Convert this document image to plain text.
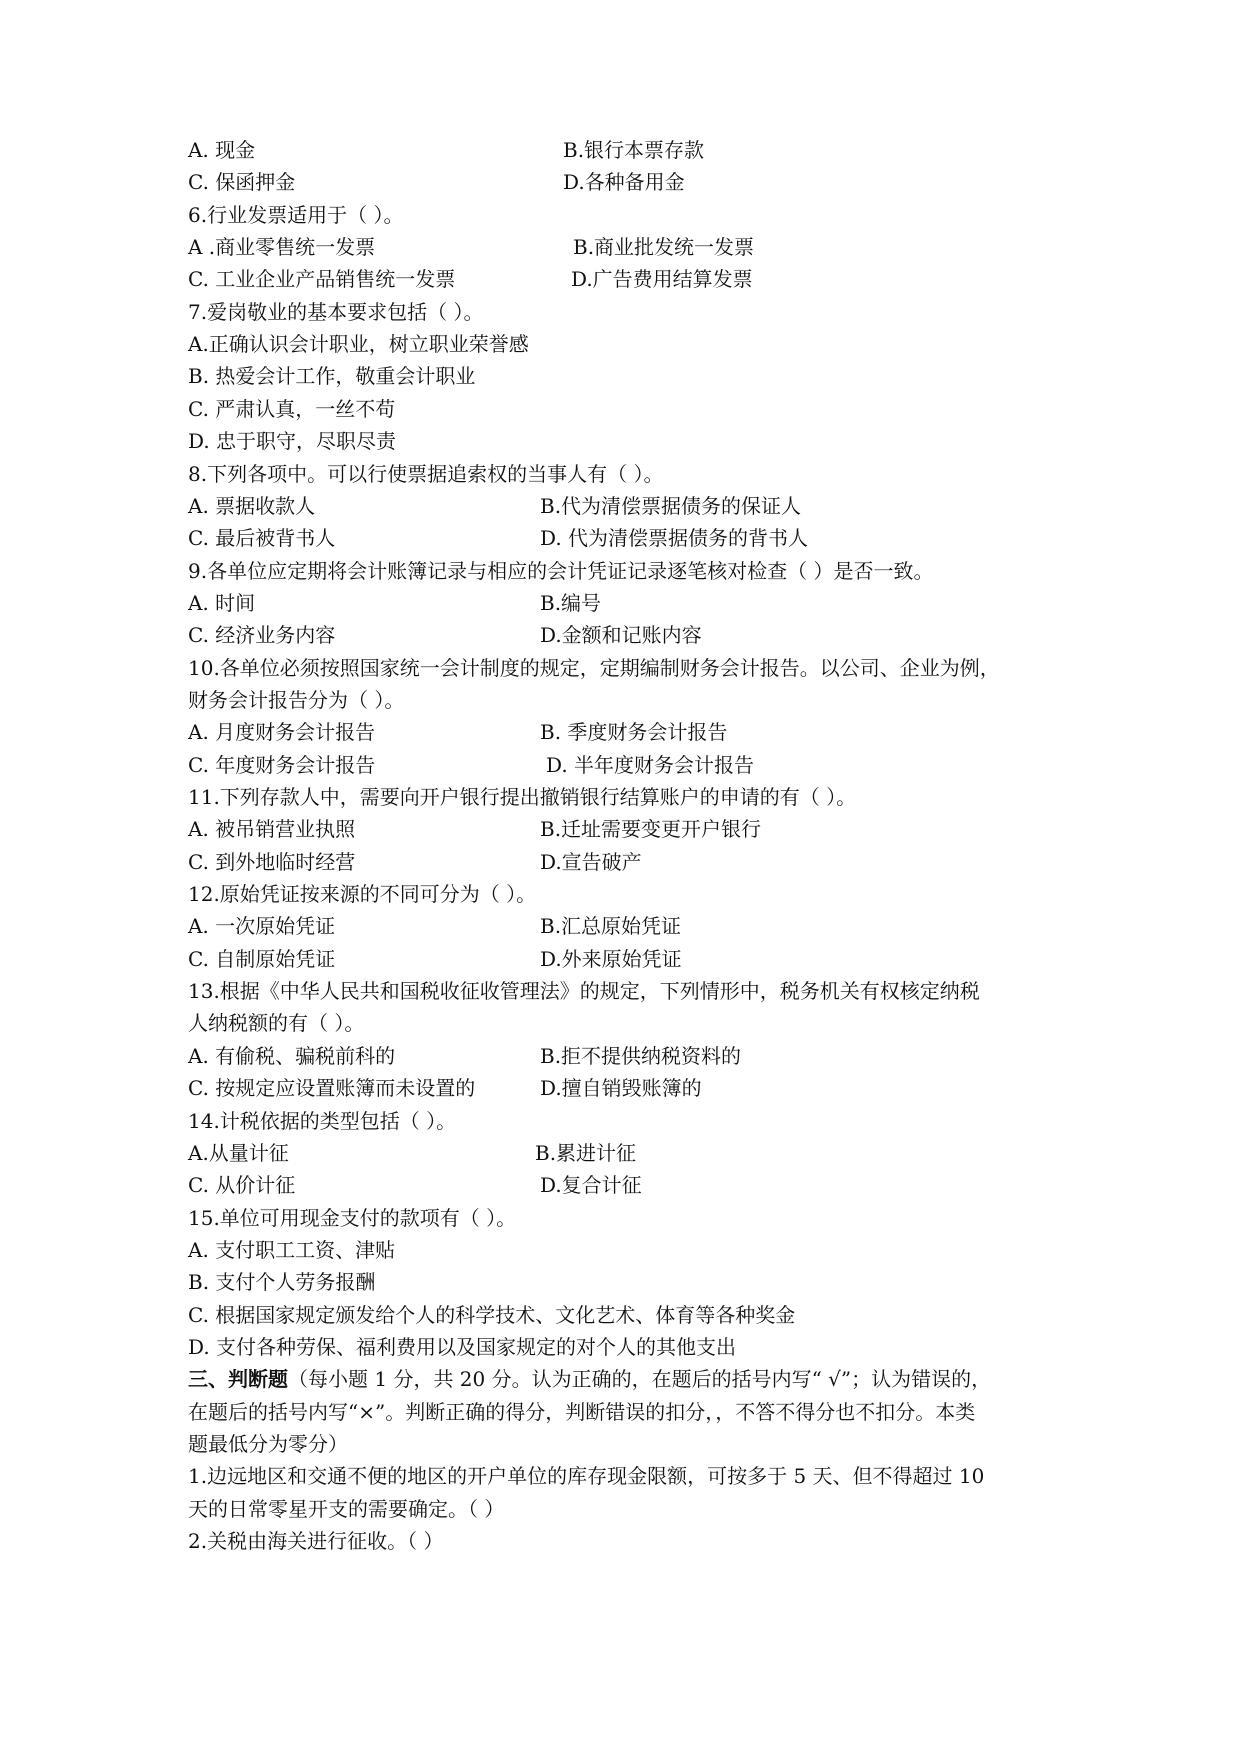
A. 现金	B.银行本票存款
C. 保函押金	D.各种备用金
6.行业发票适用于（ ）。
A .商业零售统一发票	B.商业批发统一发票
C. 工业企业产品销售统一发票	D.广告费用结算发票
7.爱岗敬业的基本要求包括（ ）。
A.正确认识会计职业，树立职业荣誉感
B. 热爱会计工作，敬重会计职业
C. 严肃认真，一丝不苟
D. 忠于职守，尽职尽责
8.下列各项中。可以行使票据追索权的当事人有（ ）。
A. 票据收款人	B.代为清偿票据债务的保证人
C. 最后被背书人	D. 代为清偿票据债务的背书人
9.各单位应定期将会计账簿记录与相应的会计凭证记录逐笔核对检查（ ）是否一致。
A. 时间	B.编号
C. 经济业务内容	D.金额和记账内容
10.各单位必须按照国家统一会计制度的规定，定期编制财务会计报告。以公司、企业为例，
财务会计报告分为（ ）。
A. 月度财务会计报告	B. 季度财务会计报告
C. 年度财务会计报告	D. 半年度财务会计报告
11.下列存款人中，需要向开户银行提出撤销银行结算账户的申请的有（ ）。
A. 被吊销营业执照	B.迁址需要变更开户银行
C. 到外地临时经营	D.宣告破产
12.原始凭证按来源的不同可分为（ ）。
A. 一次原始凭证	B.汇总原始凭证
C. 自制原始凭证	D.外来原始凭证
13.根据《中华人民共和国税收征收管理法》的规定，下列情形中，税务机关有权核定纳税
人纳税额的有（ ）。
A. 有偷税、骗税前科的	B.拒不提供纳税资料的
C. 按规定应设置账簿而未设置的	D.擅自销毁账簿的
14.计税依据的类型包括（ ）。
A.从量计征	B.累进计征
C. 从价计征	D.复合计征
15.单位可用现金支付的款项有（ ）。
A. 支付职工工资、津贴
B. 支付个人劳务报酬
C. 根据国家规定颁发给个人的科学技术、文化艺术、体育等各种奖金
D. 支付各种劳保、福利费用以及国家规定的对个人的其他支出
三、判断题（每小题 1 分，共 20 分。认为正确的，在题后的括号内写“ √”；认为错误的，
在题后的括号内写“×”。判断正确的得分，判断错误的扣分，，不答不得分也不扣分。本类
题最低分为零分）
1.边远地区和交通不便的地区的开户单位的库存现金限额，可按多于 5 天、但不得超过 10
天的日常零星开支的需要确定。（ ）
2.关税由海关进行征收。（ ）
